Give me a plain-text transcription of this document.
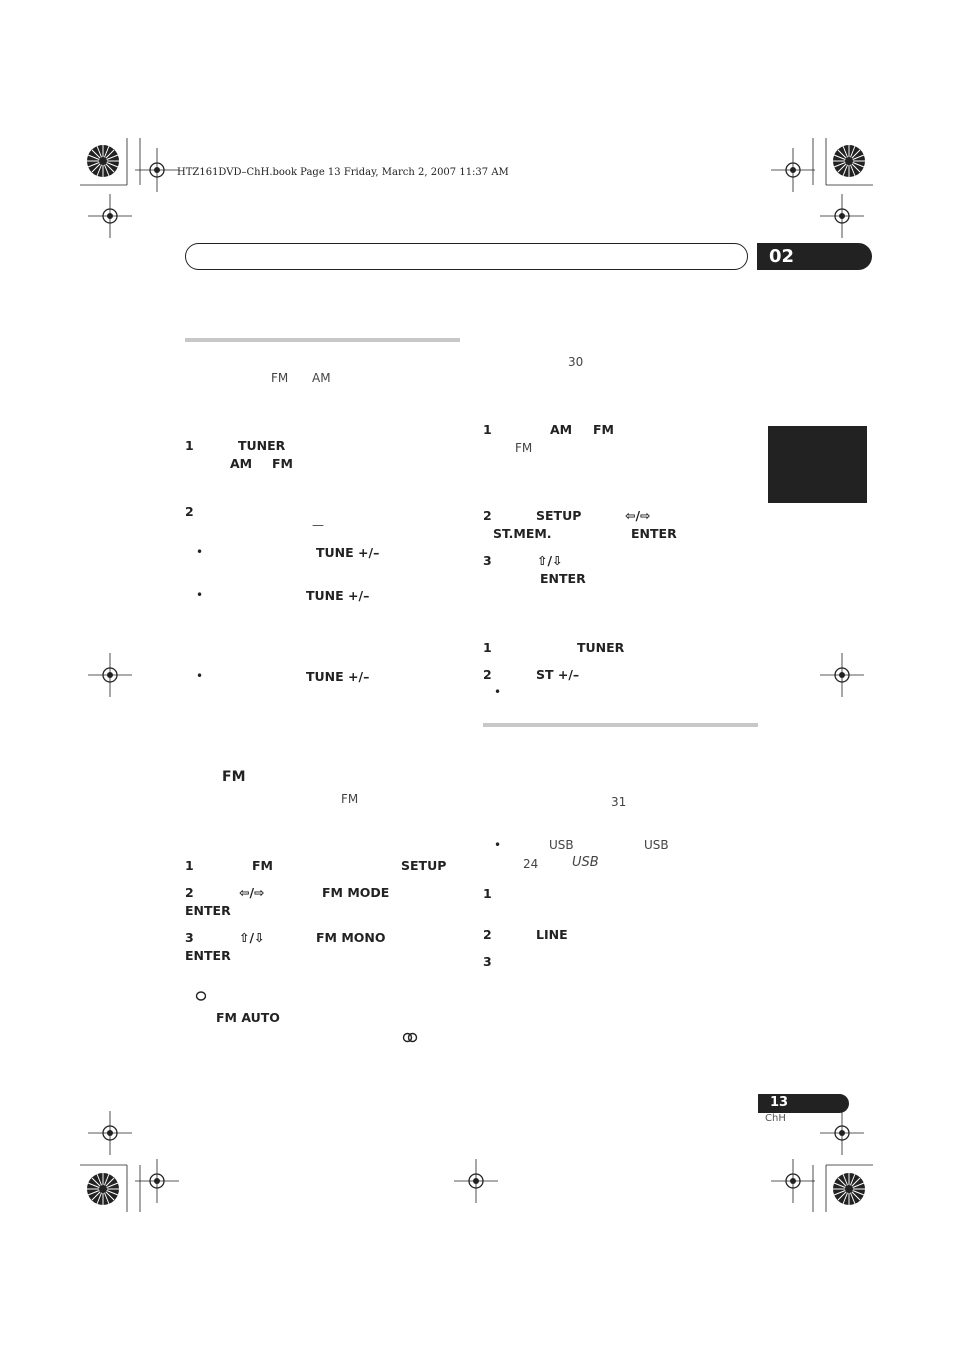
HTZ161DVD–ChH.book Page 13 Friday, March 2, 2007 11:37 AM
02
FM AM
1	TUNER
AM FM
2
—
•	TUNE +/–
•	TUNE +/–
•	TUNE +/–
FM
FM
1	FM	SETUP
2	⇦/⇨	FM MODE
ENTER
3	⇧/⇩	FM MONO
ENTER
FM AUTO
30
1	AM FM
FM
2	SETUP	⇦/⇨
ST.MEM.	ENTER
3	⇧/⇩
ENTER
1	TUNER
2	ST +/–
•
31
•	USB	USB
24	USB
1
2	LINE
3
13
ChH
